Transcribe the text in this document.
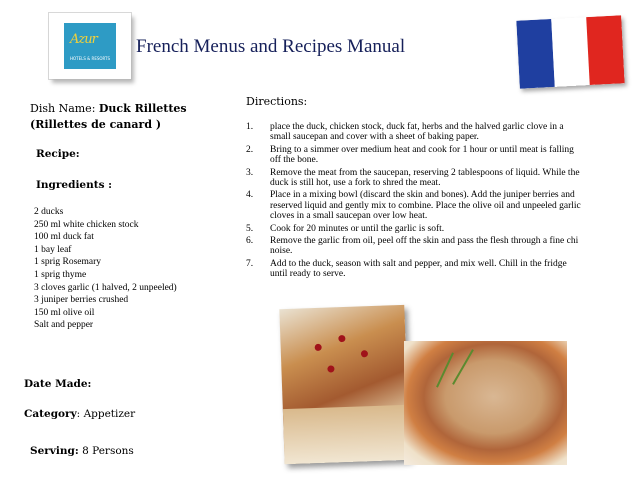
Azur
HOTELS & RESORTS
French Menus and Recipes Manual
Dish Name: Duck Rillettes
(Rillettes de canard )
Recipe:
Ingredients :
2 ducks
250 ml white chicken stock
100 ml duck fat
1 bay leaf
1 sprig Rosemary
1 sprig thyme
3 cloves garlic (1 halved, 2 unpeeled)
3 juniper berries crushed
150 ml olive oil
Salt and pepper
Date Made:
Category: Appetizer
Serving: 8 Persons
Directions:
1.	place the duck, chicken stock, duck fat, herbs and the halved garlic clove in a small saucepan and cover with a sheet of baking paper.
2.	Bring to a simmer over medium heat and cook for 1 hour or until meat is falling off the bone.
3.	Remove the meat from the saucepan, reserving 2 tablespoons of liquid. While the duck is still hot, use a fork to shred the meat.
4.	Place in a mixing bowl (discard the skin and bones). Add the juniper berries and reserved liquid and gently mix to combine. Place the olive oil and unpeeled garlic cloves in a small saucepan over low heat.
5.	Cook for 20 minutes or until the garlic is soft.
6.	Remove the garlic from oil, peel off the skin and pass the flesh through a fine chi noise.
7.	Add to the duck, season with salt and pepper, and mix well. Chill in the fridge until ready to serve.
